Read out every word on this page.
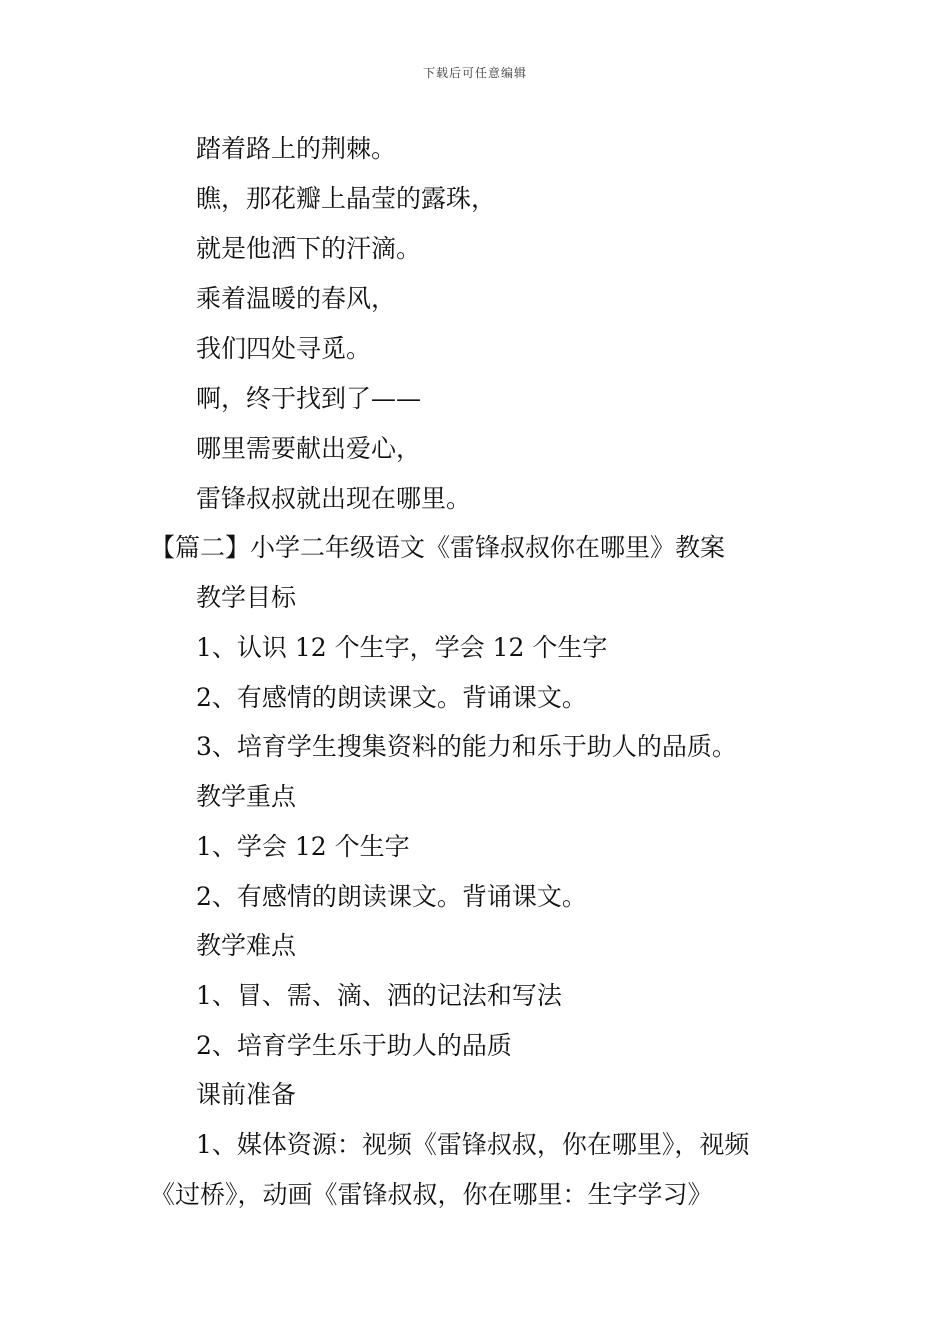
下载后可任意编辑
踏着路上的荆棘。
瞧，那花瓣上晶莹的露珠，
就是他洒下的汗滴。
乘着温暖的春风，
我们四处寻觅。
啊，终于找到了——
哪里需要献出爱心，
雷锋叔叔就出现在哪里。
【篇二】小学二年级语文《雷锋叔叔你在哪里》教案
教学目标
1、认识 12 个生字，学会 12 个生字
2、有感情的朗读课文。背诵课文。
3、培育学生搜集资料的能力和乐于助人的品质。
教学重点
1、学会 12 个生字
2、有感情的朗读课文。背诵课文。
教学难点
1、冒、需、滴、洒的记法和写法
2、培育学生乐于助人的品质
课前准备
1、媒体资源：视频《雷锋叔叔，你在哪里》，视频
《过桥》，动画《雷锋叔叔，你在哪里：生字学习》
